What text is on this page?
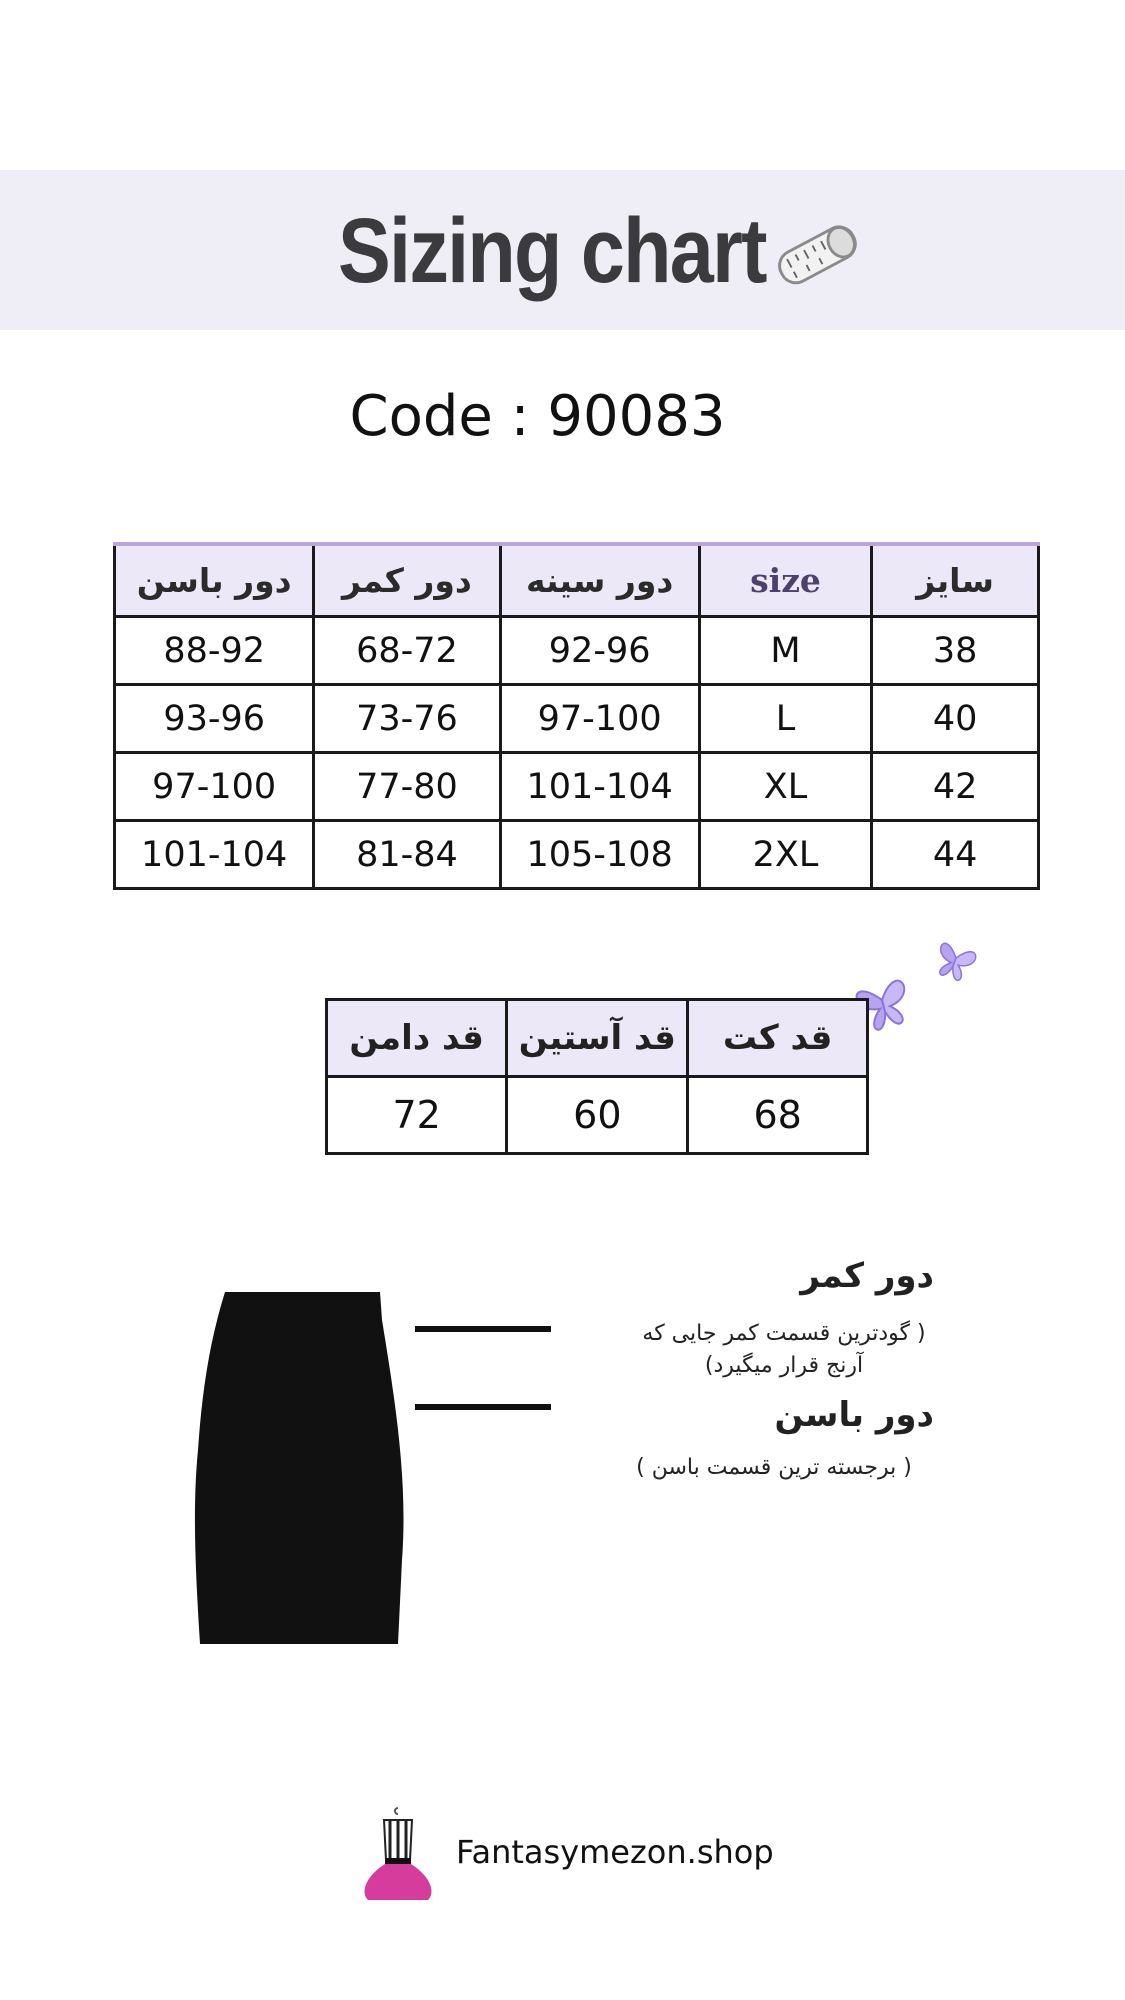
Sizing chart
Code : 90083
دور باسن	دور کمر	دور سینه	size	سایز
88-92	68-72	92-96	M	38
93-96	73-76	97-100	L	40
97-100	77-80	101-104	XL	42
101-104	81-84	105-108	2XL	44
قد دامن	قد آستین	قد کت
72	60	68
دور کمر
( گودترین قسمت کمر جایی که آرنج قرار میگیرد)
دور باسن
( برجسته ترین قسمت باسن )
Fantasymezon.shop
